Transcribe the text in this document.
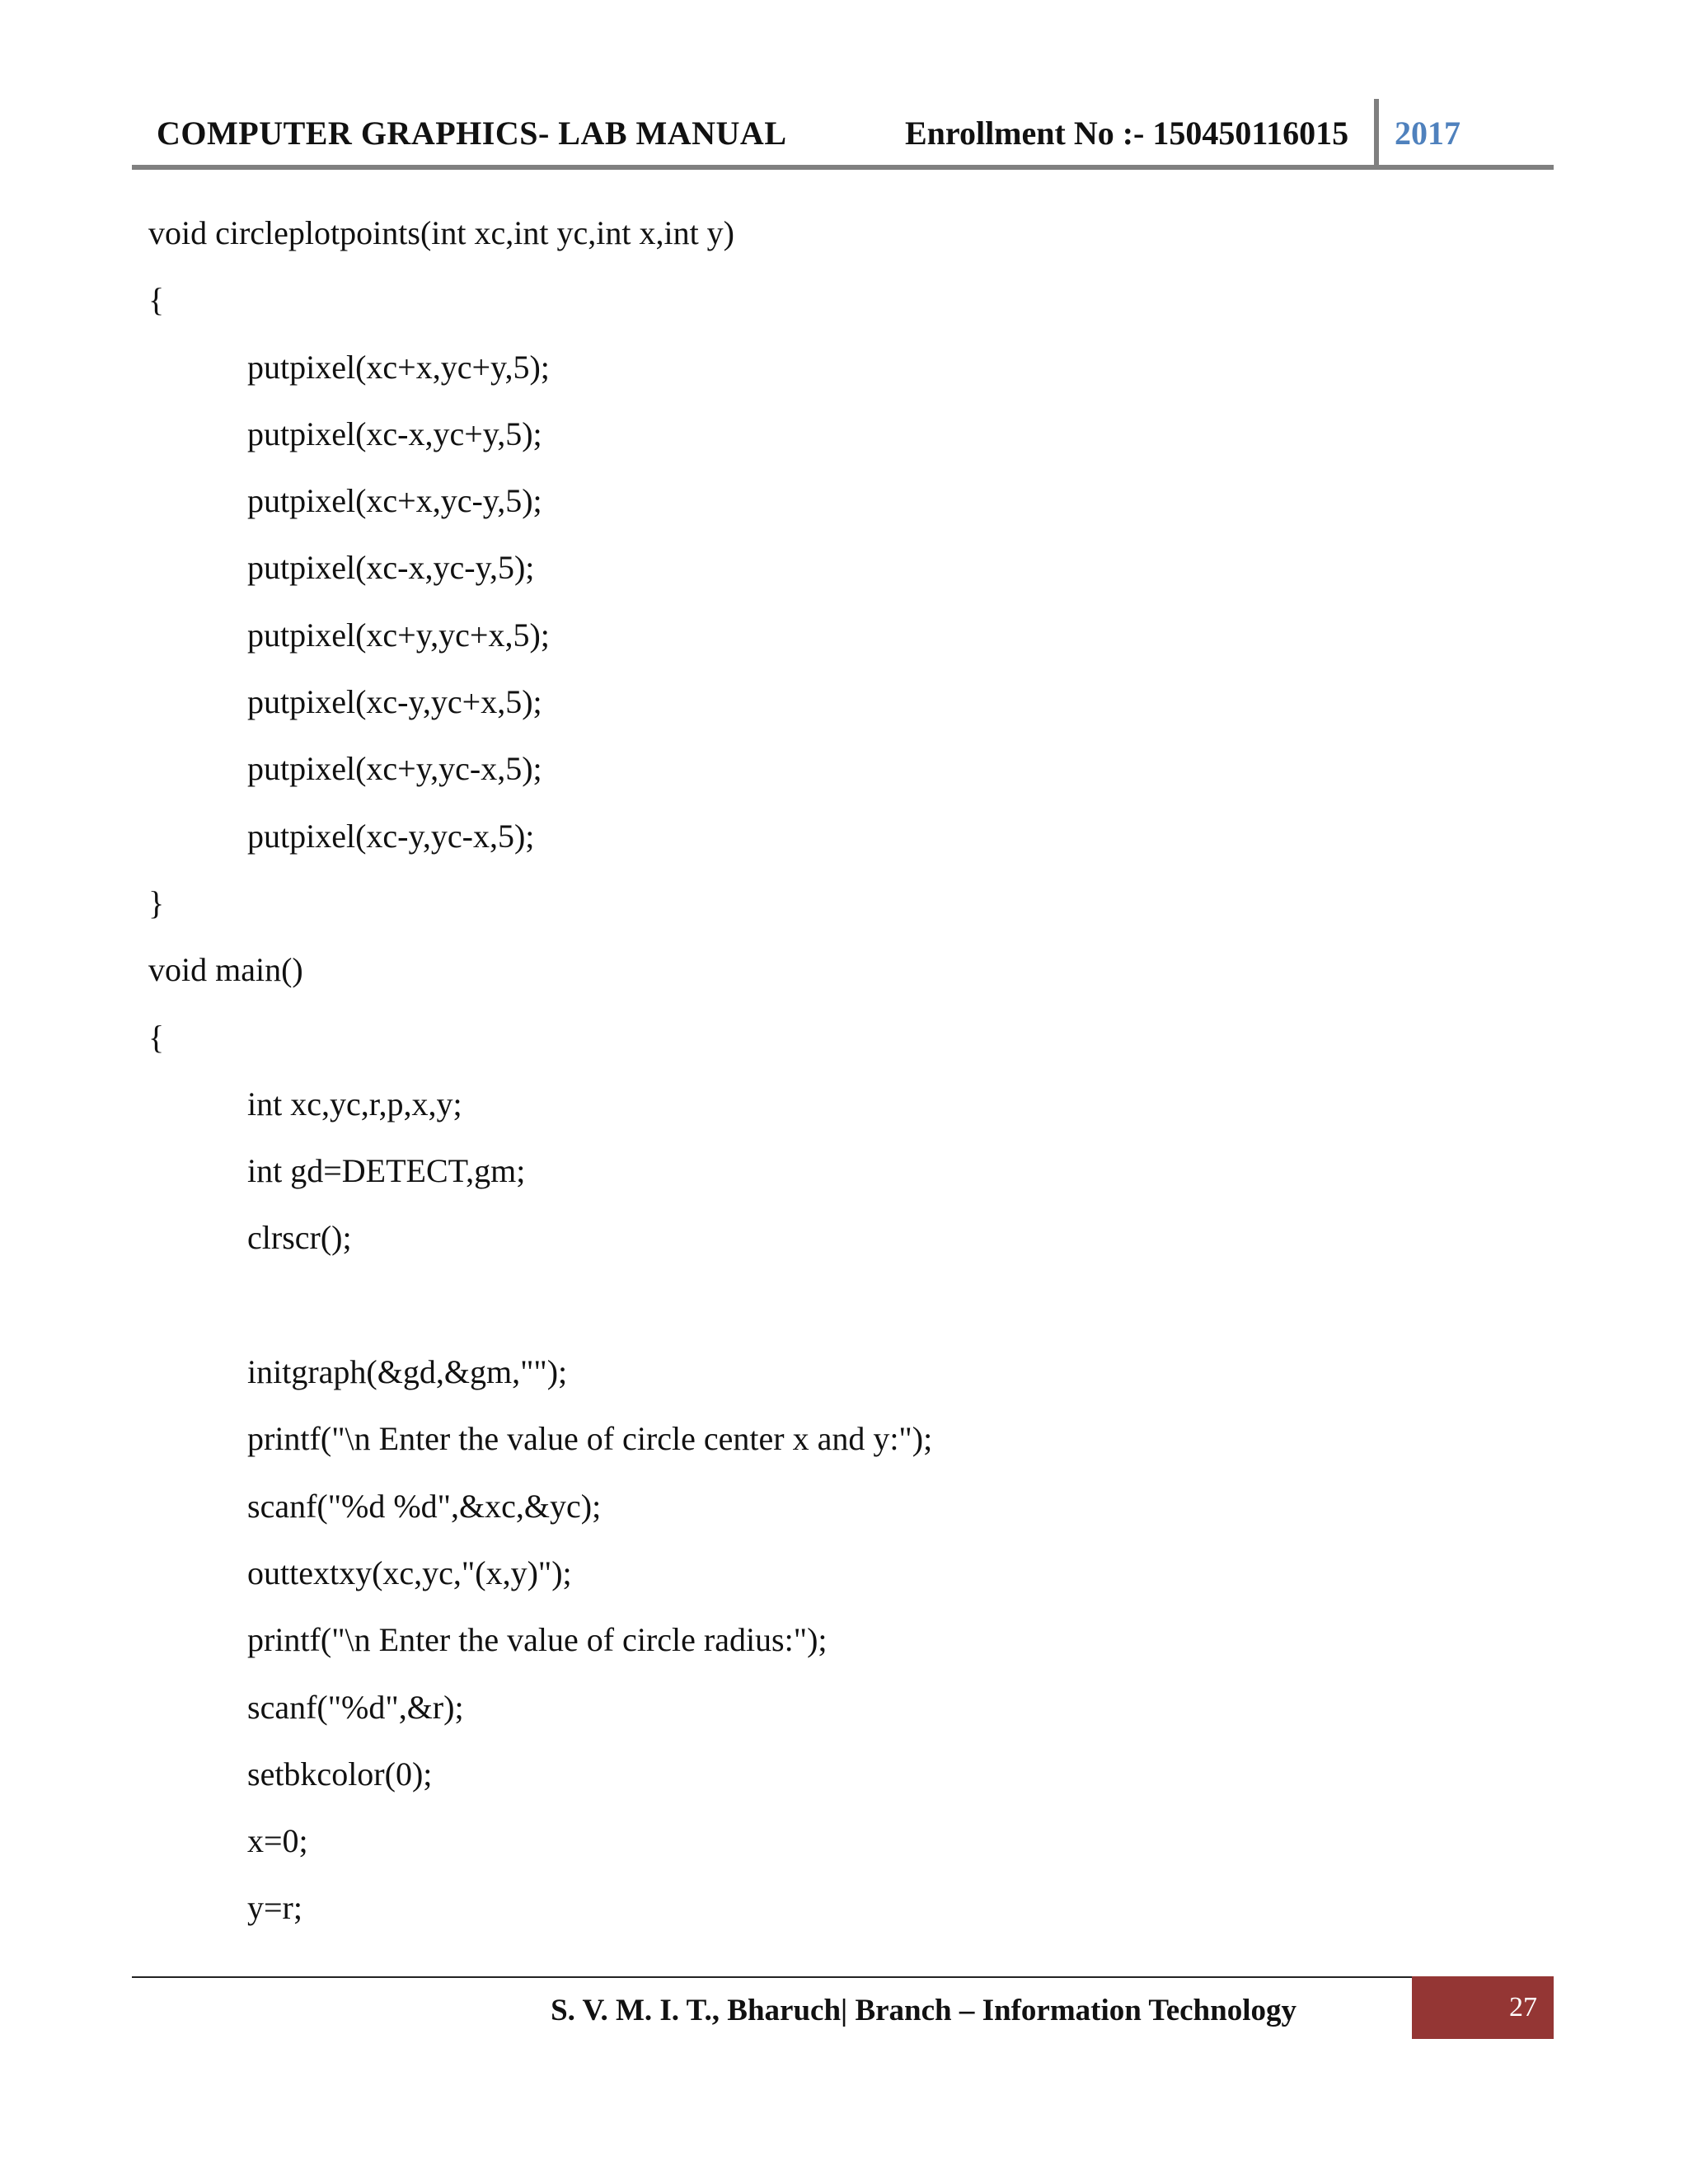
COMPUTER GRAPHICS- LAB MANUAL	Enrollment No :- 150450116015 2017
void circleplotpoints(int xc,int yc,int x,int y)
{
putpixel(xc+x,yc+y,5);
putpixel(xc-x,yc+y,5);
putpixel(xc+x,yc-y,5);
putpixel(xc-x,yc-y,5);
putpixel(xc+y,yc+x,5);
putpixel(xc-y,yc+x,5);
putpixel(xc+y,yc-x,5);
putpixel(xc-y,yc-x,5);
}
void main()
{
int xc,yc,r,p,x,y;
int gd=DETECT,gm;
clrscr();
initgraph(&gd,&gm,"");
printf("\n Enter the value of circle center x and y:");
scanf("%d %d",&xc,&yc);
outtextxy(xc,yc,"(x,y)");
printf("\n Enter the value of circle radius:");
scanf("%d",&r);
setbkcolor(0);
x=0;
y=r;
S. V. M. I. T., Bharuch| Branch – Information Technology	27
